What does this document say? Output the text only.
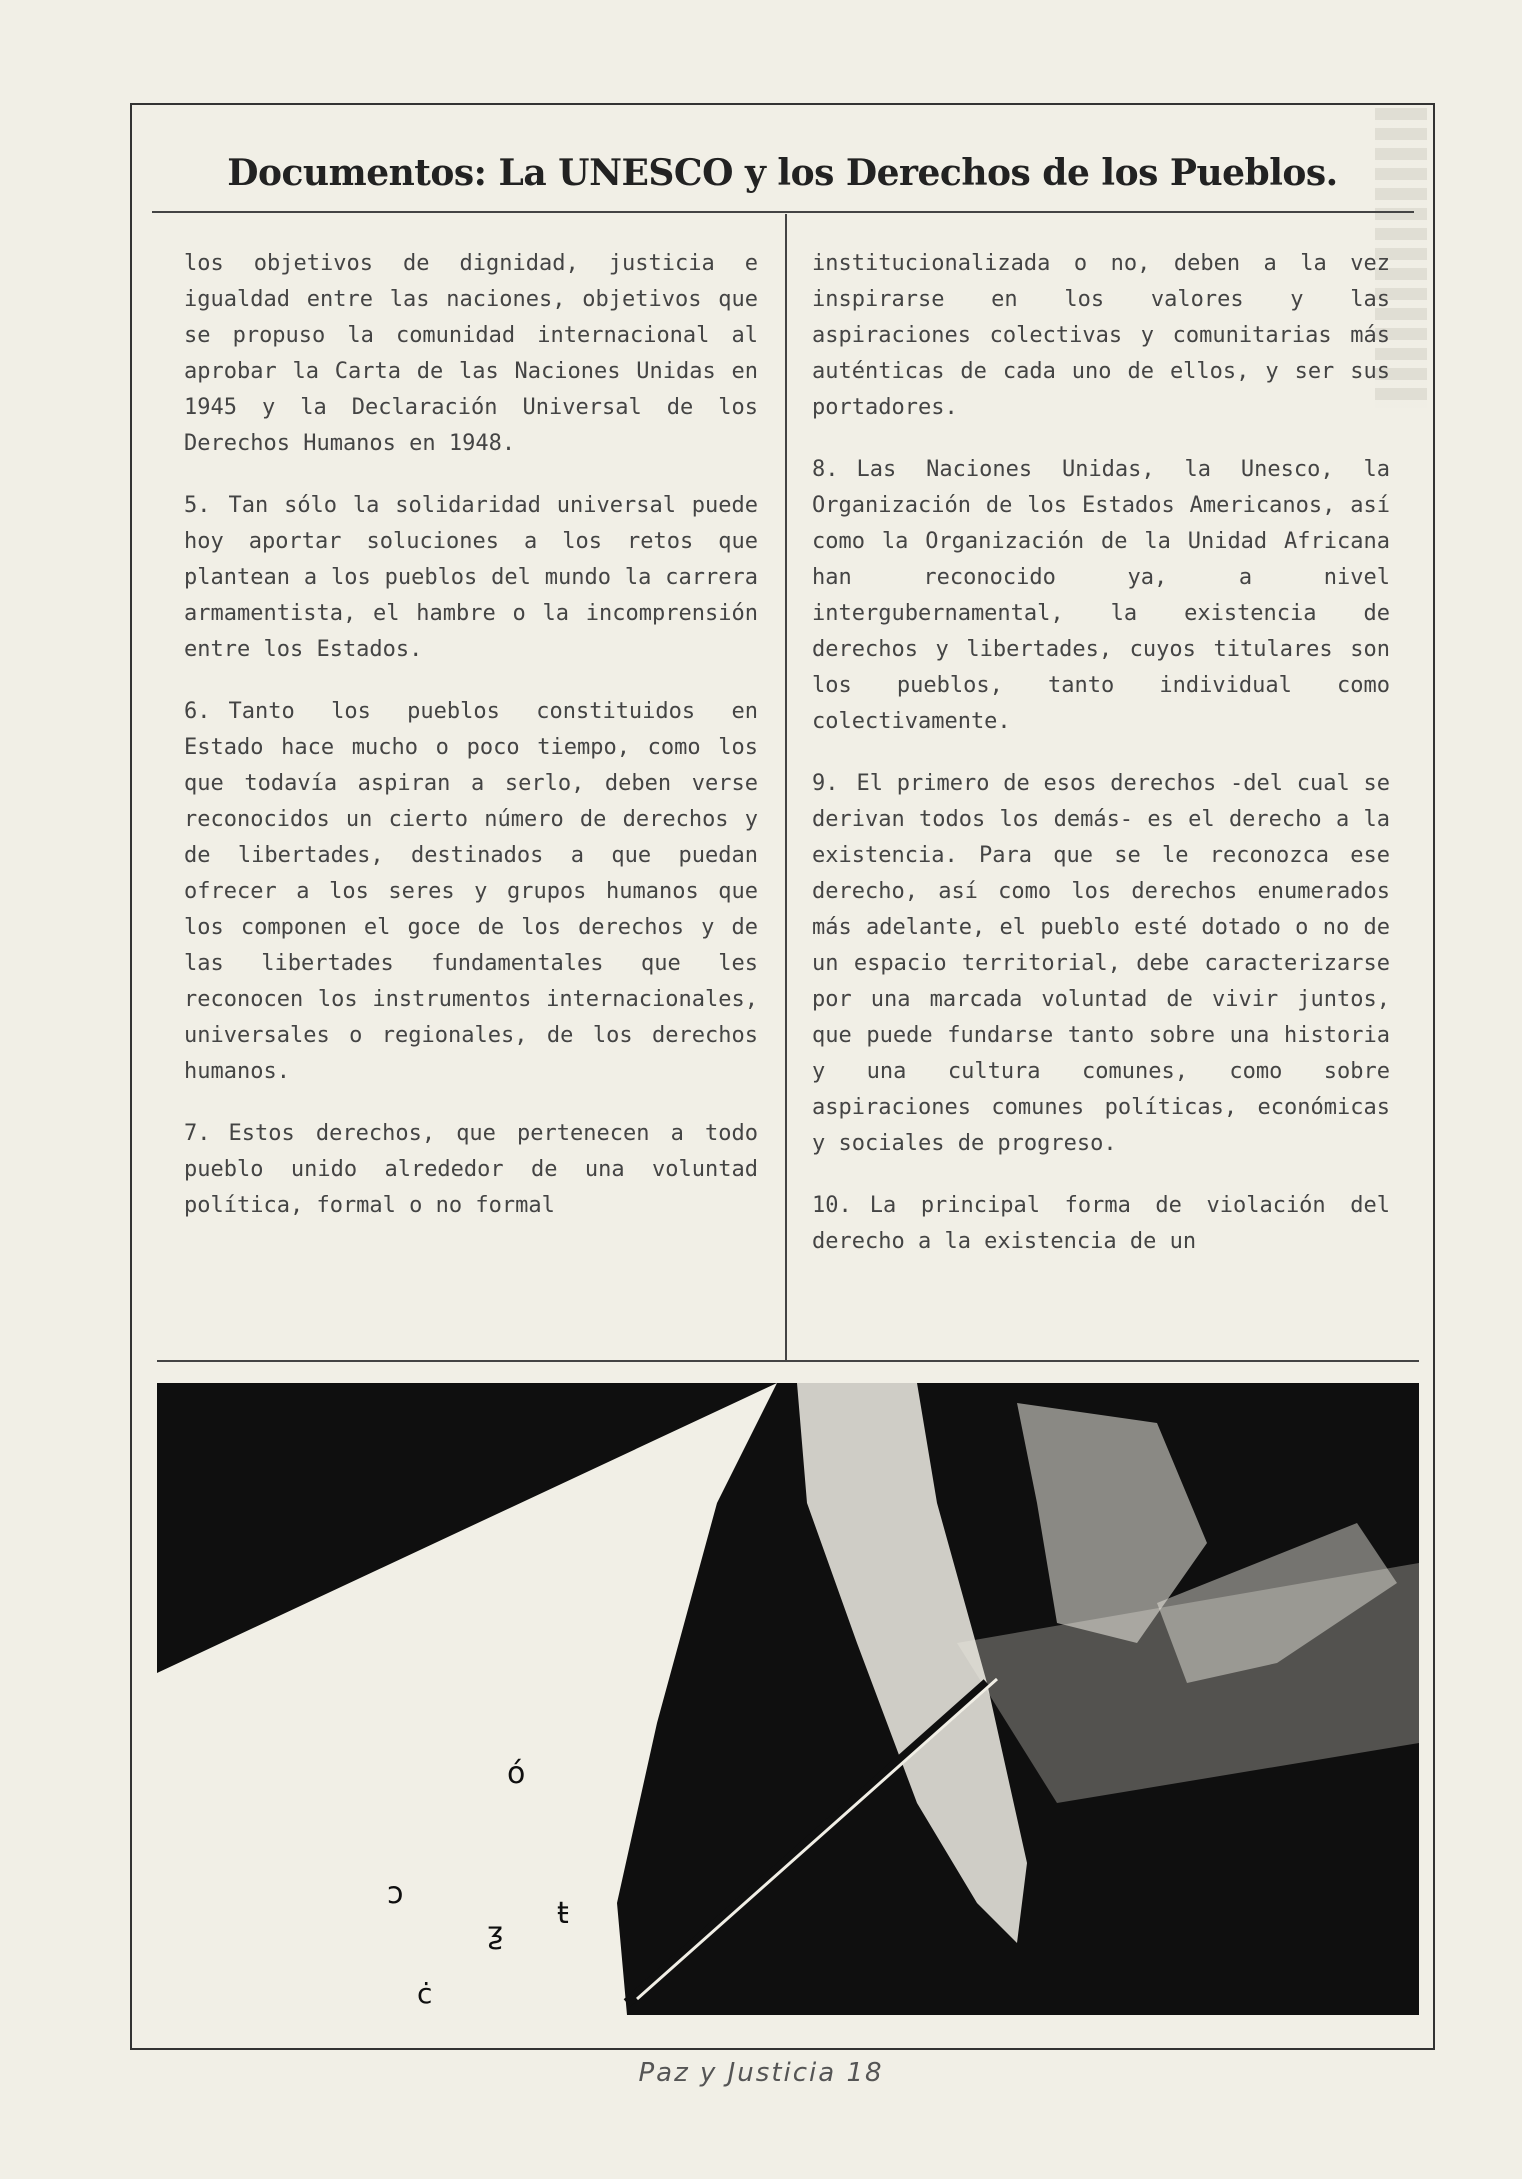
Documentos: La UNESCO y los Derechos de los Pueblos.

los objetivos de dignidad, justicia e igualdad entre las naciones, objetivos que se propuso la comunidad internacional al aprobar la Carta de las Naciones Unidas en 1945 y la Declaración Universal de los Derechos Humanos en 1948.

5. Tan sólo la solidaridad universal puede hoy aportar soluciones a los retos que plantean a los pueblos del mundo la carrera armamentista, el hambre o la incomprensión entre los Estados.

6. Tanto los pueblos constituidos en Estado hace mucho o poco tiempo, como los que todavía aspiran a serlo, deben verse reconocidos un cierto número de derechos y de libertades, destinados a que puedan ofrecer a los seres y grupos humanos que los componen el goce de los derechos y de las libertades fundamentales que les reconocen los instrumentos internacionales, universales o regionales, de los derechos humanos.

7. Estos derechos, que pertenecen a todo pueblo unido alrededor de una voluntad política, formal o no formal

institucionalizada o no, deben a la vez inspirarse en los valores y las aspiraciones colectivas y comunitarias más auténticas de cada uno de ellos, y ser sus portadores.

8. Las Naciones Unidas, la Unesco, la Organización de los Estados Americanos, así como la Organización de la Unidad Africana han reconocido ya, a nivel intergubernamental, la existencia de derechos y libertades, cuyos titulares son los pueblos, tanto individual como colectivamente.

9. El primero de esos derechos -del cual se derivan todos los demás- es el derecho a la existencia. Para que se le reconozca ese derecho, así como los derechos enumerados más adelante, el pueblo esté dotado o no de un espacio territorial, debe caracterizarse por una marcada voluntad de vivir juntos, que puede fundarse tanto sobre una historia y una cultura comunes, como sobre aspiraciones comunes políticas, económicas y sociales de progreso.

10. La principal forma de violación del derecho a la existencia de un

ó
ɔ
ƺ
ŧ
ċ
Paz y Justicia 18
